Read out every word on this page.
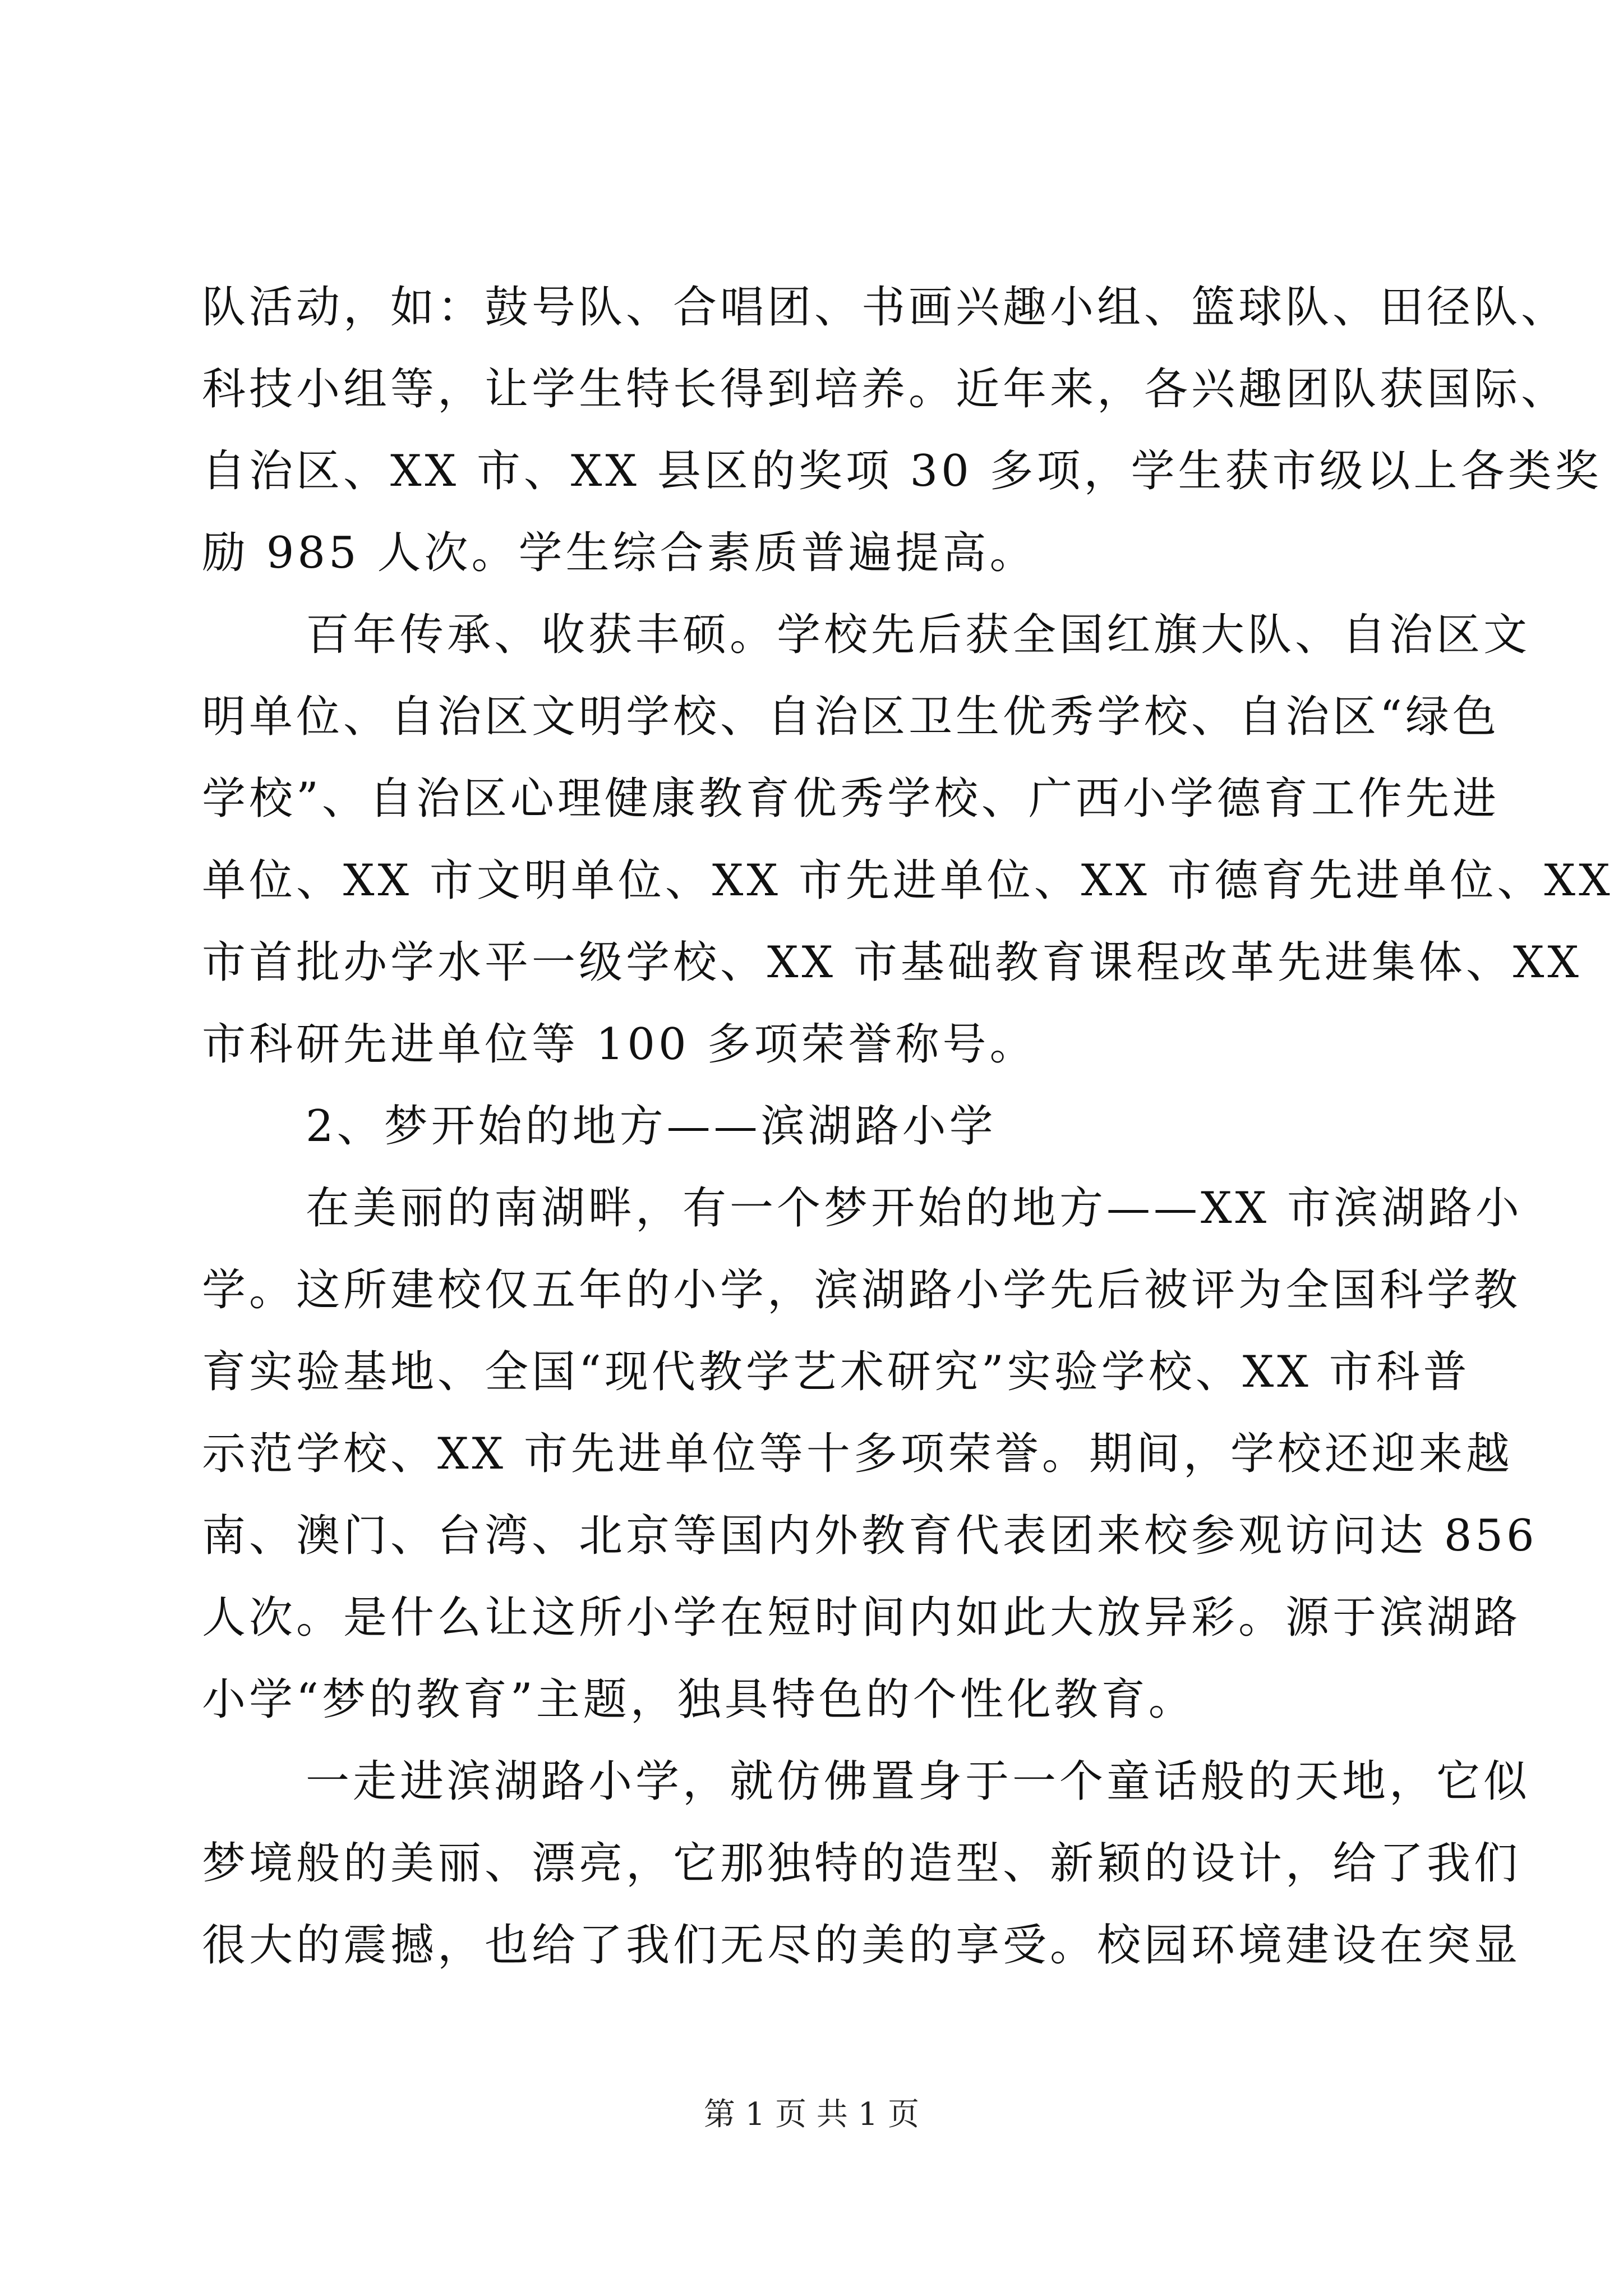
队活动，如：鼓号队、合唱团、书画兴趣小组、篮球队、田径队、
科技小组等，让学生特长得到培养。近年来，各兴趣团队获国际、
自治区、XX 市、XX 县区的奖项 30 多项，学生获市级以上各类奖
励 985 人次。学生综合素质普遍提高。
百年传承、收获丰硕。学校先后获全国红旗大队、自治区文
明单位、自治区文明学校、自治区卫生优秀学校、自治区“绿色
学校”、自治区心理健康教育优秀学校、广西小学德育工作先进
单位、XX 市文明单位、XX 市先进单位、XX 市德育先进单位、XX
市首批办学水平一级学校、XX 市基础教育课程改革先进集体、XX
市科研先进单位等 100 多项荣誉称号。
2、梦开始的地方——滨湖路小学
在美丽的南湖畔，有一个梦开始的地方——XX 市滨湖路小
学。这所建校仅五年的小学，滨湖路小学先后被评为全国科学教
育实验基地、全国“现代教学艺术研究”实验学校、XX 市科普
示范学校、XX 市先进单位等十多项荣誉。期间，学校还迎来越
南、澳门、台湾、北京等国内外教育代表团来校参观访问达 856
人次。是什么让这所小学在短时间内如此大放异彩。源于滨湖路
小学“梦的教育”主题，独具特色的个性化教育。
一走进滨湖路小学，就仿佛置身于一个童话般的天地，它似
梦境般的美丽、漂亮，它那独特的造型、新颖的设计，给了我们
很大的震撼，也给了我们无尽的美的享受。校园环境建设在突显
第 1 页 共 1 页
